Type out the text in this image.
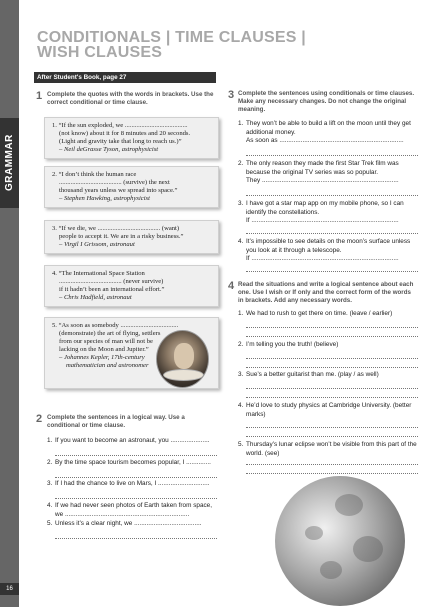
GRAMMAR
16
CONDITIONALS | TIME CLAUSES |
WISH CLAUSES
After Student's Book, page 27
1 Complete the quotes with the words in brackets. Use the correct conditional or time clause.
1. “If the sun exploded, we ......................................
(not know) about it for 8 minutes and 20 seconds.
(Light and gravity take that long to reach us.)”
– Neil deGrasse Tyson, astrophysicist
2. “I don’t think the human race
...................................... (survive) the next
thousand years unless we spread into space.”
– Stephen Hawking, astrophysicist
3. “If we die, we ...................................... (want)
people to accept it. We are in a risky business.”
– Virgil I Grissom, astronaut
4. “The International Space Station
...................................... (never survive)
if it hadn’t been an international effort.”
– Chris Hadfield, astronaut
5. “As soon as somebody ...................................
(demonstrate) the art of flying, settlers
from our species of man will not be
lacking on the Moon and Jupiter.”
– Johannes Kepler, 17th-century
mathematician and astronomer
2 Complete the sentences in a logical way. Use a conditional or time clause.
1. If you want to become an astronaut, you ......................
2. By the time space tourism becomes popular, I ..............
3. If I had the chance to live on Mars, I .............................
4. If we had never seen photos of Earth taken from space,
we ......................................................................
5. Unless it’s a clear night, we ......................................
3 Complete the sentences using conditionals or time clauses. Make any necessary changes. Do not change the original meaning.
1. They won’t be able to build a lift on the moon until they get additional money.
As soon as ......................................................................
2. The only reason they made the first Star Trek film was because the original TV series was so popular.
They .............................................................................
3. I have got a star map app on my mobile phone, so I can identify the constellations.
If ...................................................................................
4. It’s impossible to see details on the moon’s surface unless you look at it through a telescope.
If ...................................................................................
4 Read the situations and write a logical sentence about each one. Use I wish or If only and the correct form of the words in brackets. Add any necessary words.
1. We had to rush to get there on time. (leave / earlier)
2. I’m telling you the truth! (believe)
3. Sue’s a better guitarist than me. (play / as well)
4. He’d love to study physics at Cambridge University. (better marks)
5. Thursday’s lunar eclipse won’t be visible from this part of the world. (see)
